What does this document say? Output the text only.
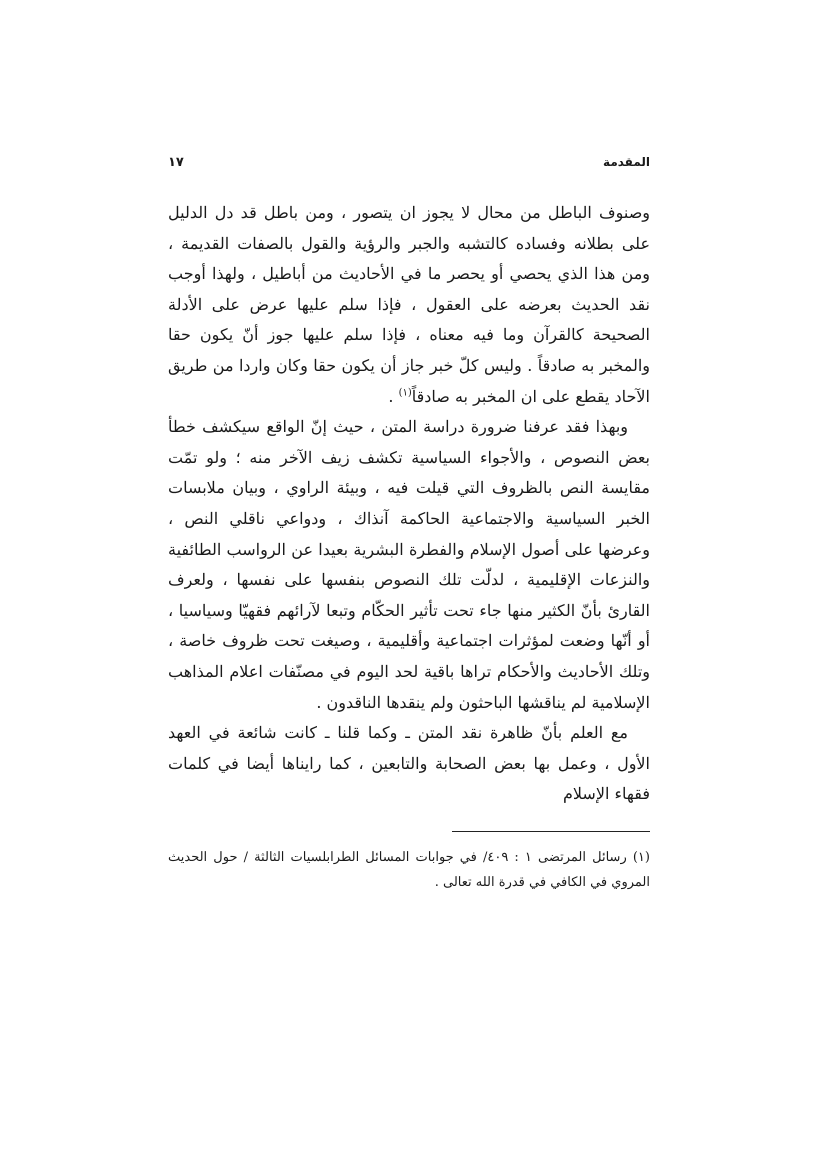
المقدمة
١٧

وصنوف الباطل من محال لا يجوز ان يتصور ، ومن باطل قد دل الدليل على بطلانه وفساده كالتشبه والجبر والرؤية والقول بالصفات القديمة ، ومن هذا الذي يحصي أو يحصر ما في الأحاديث من أباطيل ، ولهذا أوجب نقد الحديث بعرضه على العقول ، فإذا سلم عليها عرض على الأدلة الصحيحة كالقرآن وما فيه معناه ، فإذا سلم عليها جوز أنّ يكون حقا والمخبر به صادقاً . وليس كلّ خبر جاز أن يكون حقا وكان واردا من طريق الآحاد يقطع على ان المخبر به صادقاً$^{(١)}$ .

وبهذا فقد عرفنا ضرورة دراسة المتن ، حيث إنّ الواقع سيكشف خطأ بعض النصوص ، والأجواء السياسية تكشف زيف الآخر منه ؛ ولو تمّت مقايسة النص بالظروف التي قيلت فيه ، وبيئة الراوي ، وبيان ملابسات الخبر السياسية والاجتماعية الحاكمة آنذاك ، ودواعي ناقلي النص ، وعرضها على أصول الإسلام والفطرة البشرية بعيدا عن الرواسب الطائفية والنزعات الإقليمية ، لدلّت تلك النصوص بنفسها على نفسها ، ولعرف القارئ بأنّ الكثير منها جاء تحت تأثير الحكّام وتبعا لآرائهم فقهيّا وسياسيا ، أو أنّها وضعت لمؤثرات اجتماعية وأقليمية ، وصيغت تحت ظروف خاصة ، وتلك الأحاديث والأحكام تراها باقية لحد اليوم في مصنّفات اعلام المذاهب الإسلامية لم يناقشها الباحثون ولم ينقدها الناقدون .

مع العلم بأنّ ظاهرة نقد المتن ـ وكما قلنا ـ كانت شائعة في العهد الأول ، وعمل بها بعض الصحابة والتابعين ، كما رايناها أيضا في كلمات فقهاء الإسلام

(١) رسائل المرتضى ١ : ٤٠٩/ في جوابات المسائل الطرابلسيات الثالثة / حول الحديث المروي في الكافي في قدرة الله تعالى .
